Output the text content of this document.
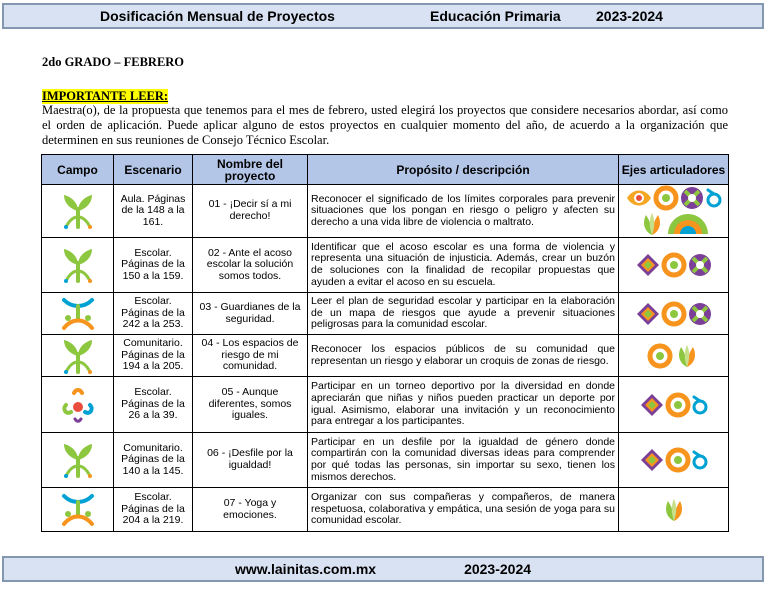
Dosificación Mensual de Proyectos	Educación Primaria	2023-2024
2do GRADO – FEBRERO
IMPORTANTE LEER:
Maestra(o), de la propuesta que tenemos para el mes de febrero, usted elegirá los proyectos que considere necesarios abordar, así como el orden de aplicación. Puede aplicar alguno de estos proyectos en cualquier momento del año, de acuerdo a la organización que determinen en sus reuniones de Consejo Técnico Escolar.
Campo	Escenario	Nombre del proyecto	Propósito / descripción	Ejes articuladores
	Aula. Páginas de la 148 a la 161.	01 - ¡Decir sí a mi derecho!	Reconocer el significado de los límites corporales para prevenir situaciones que los pongan en riesgo o peligro y afecten su derecho a una vida libre de violencia o maltrato.	

	Escolar. Páginas de la 150 a la 159.	02 - Ante el acoso escolar la solución somos todos.	Identificar que el acoso escolar es una forma de violencia y representa una situación de injusticia. Además, crear un buzón de soluciones con la finalidad de recopilar propuestas que ayuden a evitar el acoso en su escuela.	
	Escolar. Páginas de la 242 a la 253.	03 - Guardianes de la seguridad.	Leer el plan de seguridad escolar y participar en la elaboración de un mapa de riesgos que ayude a prevenir situaciones peligrosas para la comunidad escolar.	
	Comunitario. Páginas de la 194 a la 205.	04 - Los espacios de riesgo de mi comunidad.	Reconocer los espacios públicos de su comunidad que representan un riesgo y elaborar un croquis de zonas de riesgo.	
	Escolar. Páginas de la 26 a la 39.	05 - Aunque diferentes, somos iguales.	Participar en un torneo deportivo por la diversidad en donde apreciarán que niñas y niños pueden practicar un deporte por igual. Asimismo, elaborar una invitación y un reconocimiento para entregar a los participantes.	
	Comunitario. Páginas de la 140 a la 145.	06 - ¡Desfile por la igualdad!	Participar en un desfile por la igualdad de género donde compartirán con la comunidad diversas ideas para comprender por qué todas las personas, sin importar su sexo, tienen los mismos derechos.	
	Escolar. Páginas de la 204 a la 219.	07 - Yoga y emociones.	Organizar con sus compañeras y compañeros, de manera respetuosa, colaborativa y empática, una sesión de yoga para su comunidad escolar.	
www.lainitas.com.mx	2023-2024
